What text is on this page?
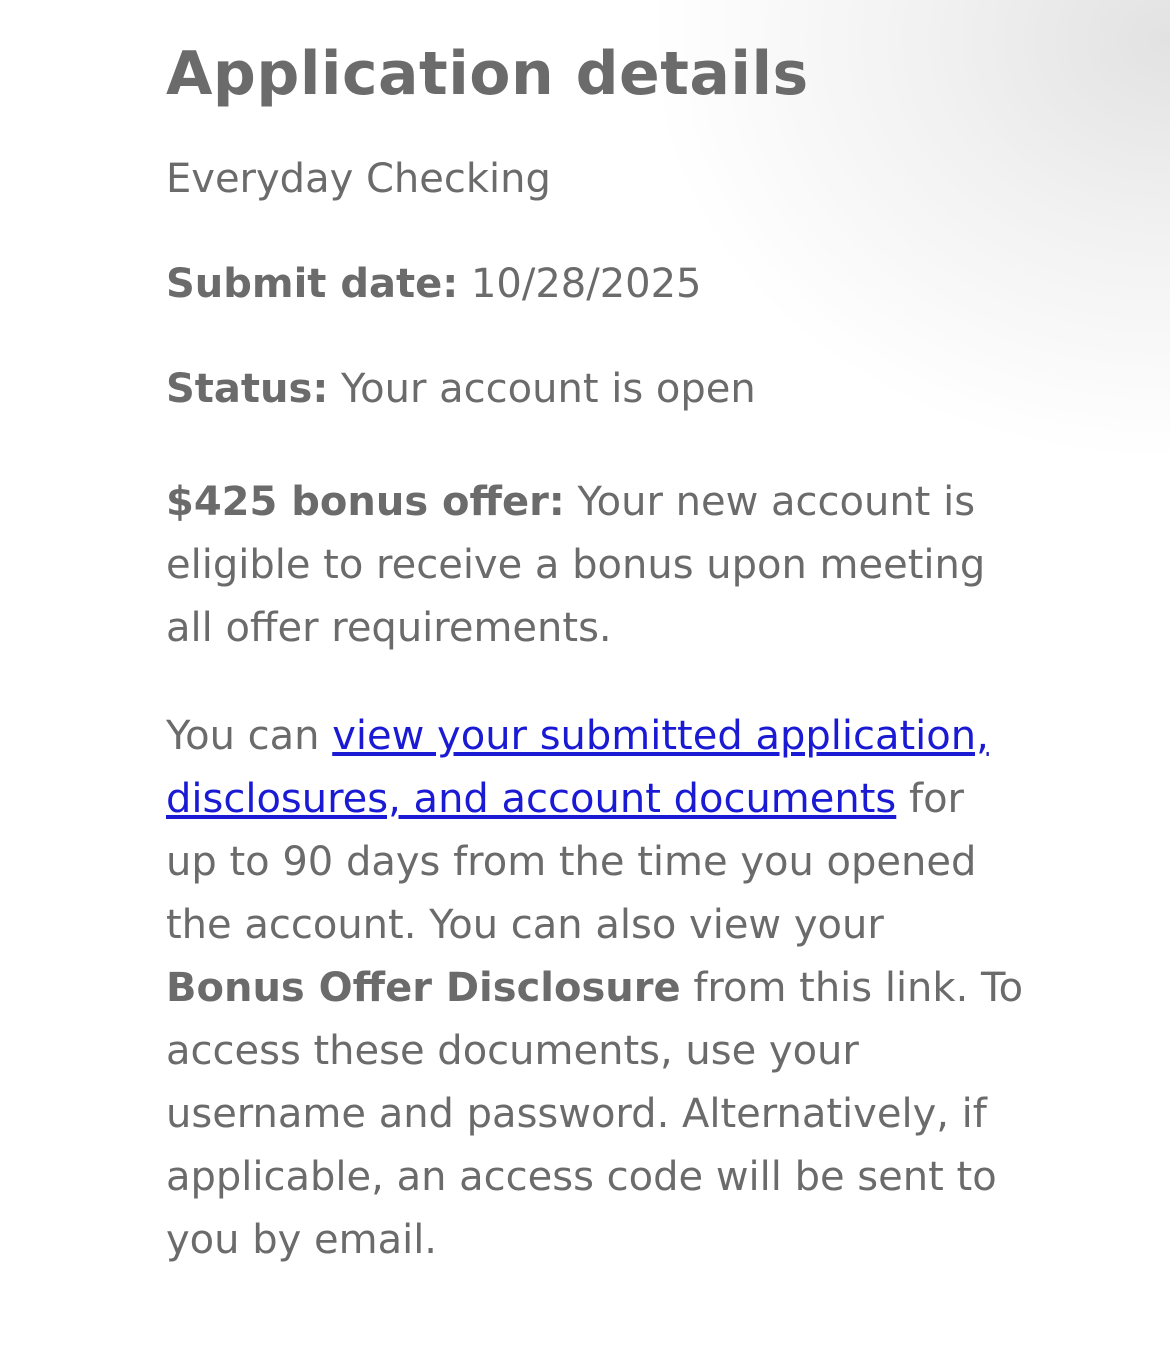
Application details
Everyday Checking
Submit date: 10/28/2025
Status: Your account is open
$425 bonus offer: Your new account is eligible to receive a bonus upon meeting all offer requirements.
You can view your submitted application, disclosures, and account documents for up to 90 days from the time you opened the account. You can also view your Bonus Offer Disclosure from this link. To access these documents, use your username and password. Alternatively, if applicable, an access code will be sent to you by email.
